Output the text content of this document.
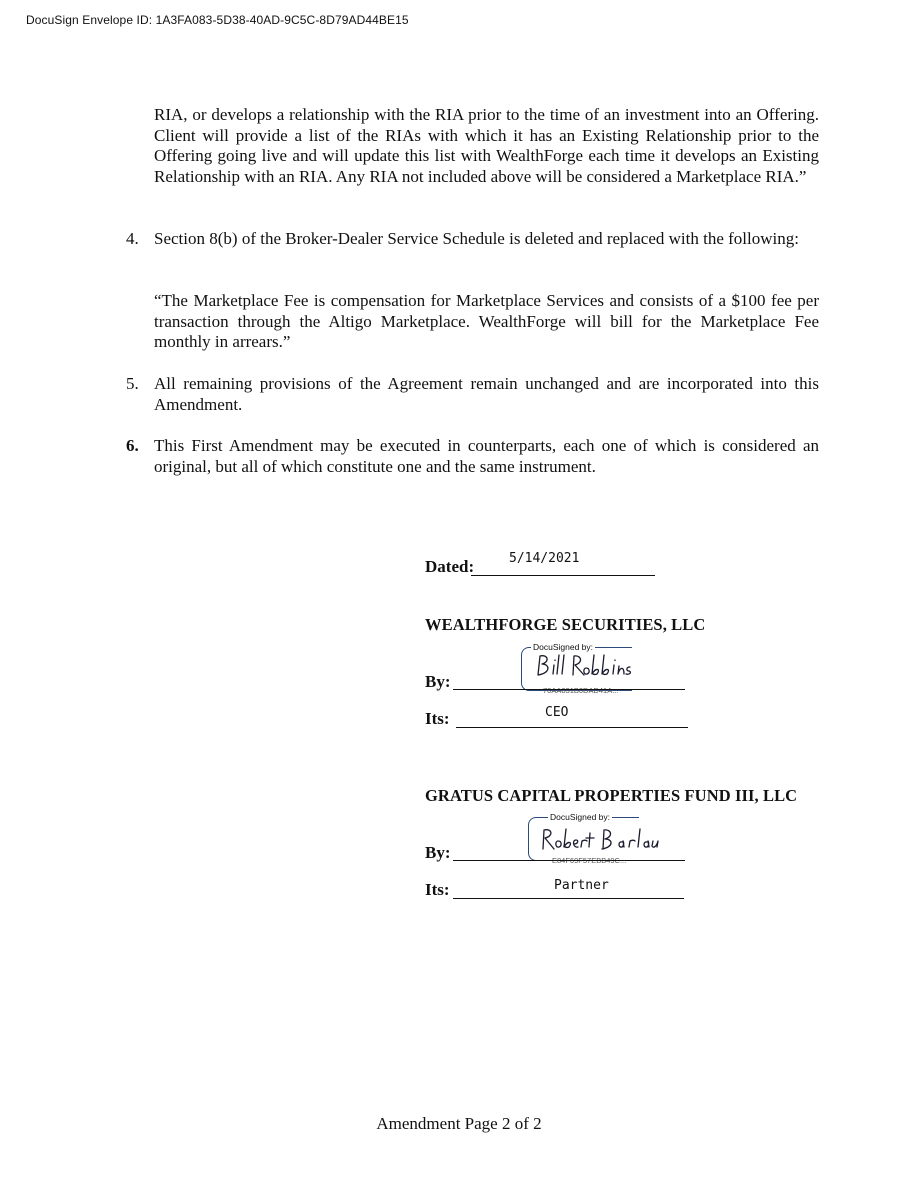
DocuSign Envelope ID: 1A3FA083-5D38-40AD-9C5C-8D79AD44BE15
RIA, or develops a relationship with the RIA prior to the time of an investment into an Offering. Client will provide a list of the RIAs with which it has an Existing Relationship prior to the Offering going live and will update this list with WealthForge each time it develops an Existing Relationship with an RIA. Any RIA not included above will be considered a Marketplace RIA.”
4. Section 8(b) of the Broker-Dealer Service Schedule is deleted and replaced with the following:
“The Marketplace Fee is compensation for Marketplace Services and consists of a $100 fee per transaction through the Altigo Marketplace. WealthForge will bill for the Marketplace Fee monthly in arrears.”
5. All remaining provisions of the Agreement remain unchanged and are incorporated into this Amendment.
6. This First Amendment may be executed in counterparts, each one of which is considered an original, but all of which constitute one and the same instrument.
Dated:	5/14/2021
WEALTHFORGE SECURITIES, LLC
DocuSigned by:
70AA831B0DAD41A...
By:
Its:	CEO
GRATUS CAPITAL PROPERTIES FUND III, LLC
DocuSigned by:
E84F69F57EBB49C...
By:
Its:	Partner
Amendment Page 2 of 2
